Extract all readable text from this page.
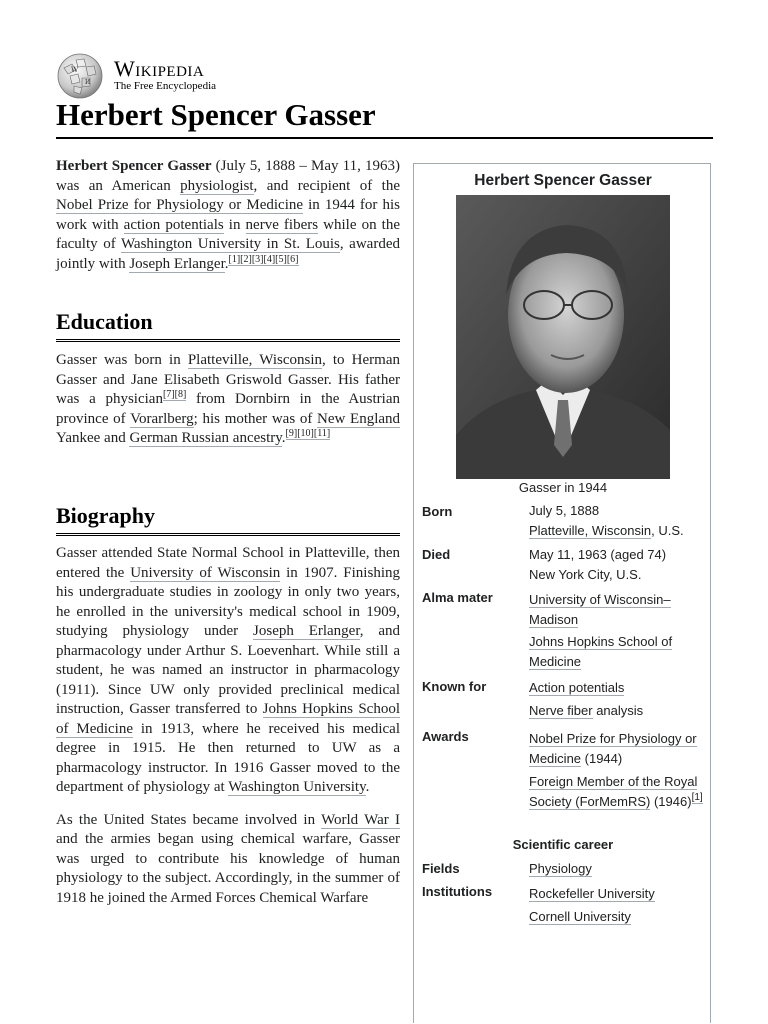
W
И
Wikipedia
The Free Encyclopedia
Herbert Spencer Gasser

Herbert Spencer Gasser (July 5, 1888 – May 11, 1963) was an American physiologist, and recipient of the Nobel Prize for Physiology or Medicine in 1944 for his work with action potentials in nerve fibers while on the faculty of Washington University in St. Louis, awarded jointly with Joseph Erlanger.[1][2][3][4][5][6]

Education

Gasser was born in Platteville, Wisconsin, to Herman Gasser and Jane Elisabeth Griswold Gasser. His father was a physician[7][8] from Dornbirn in the Austrian province of Vorarlberg; his mother was of New England Yankee and German Russian ancestry.[9][10][11]

Biography

Gasser attended State Normal School in Platteville, then entered the University of Wisconsin in 1907. Finishing his undergraduate studies in zoology in only two years, he enrolled in the university's medical school in 1909, studying physiology under Joseph Erlanger, and pharmacology under Arthur S. Loevenhart. While still a student, he was named an instructor in pharmacology (1911). Since UW only provided preclinical medical instruction, Gasser transferred to Johns Hopkins School of Medicine in 1913, where he received his medical degree in 1915. He then returned to UW as a pharmacology instructor. In 1916 Gasser moved to the department of physiology at Washington University.

As the United States became involved in World War I and the armies began using chemical warfare, Gasser was urged to contribute his knowledge of human physiology to the subject. Accordingly, in the summer of 1918 he joined the Armed Forces Chemical Warfare

Herbert Spencer Gasser
Gasser in 1944
Born	July 5, 1888
Platteville, Wisconsin, U.S.
Died	May 11, 1963 (aged 74)
New York City, U.S.
Alma mater	University of Wisconsin–Madison
Johns Hopkins School of Medicine
Known for	Action potentials
Nerve fiber analysis
Awards	Nobel Prize for Physiology or Medicine (1944)
Foreign Member of the Royal Society (ForMemRS) (1946)[1]
Scientific career
Fields	Physiology
Institutions	Rockefeller University
Cornell University
